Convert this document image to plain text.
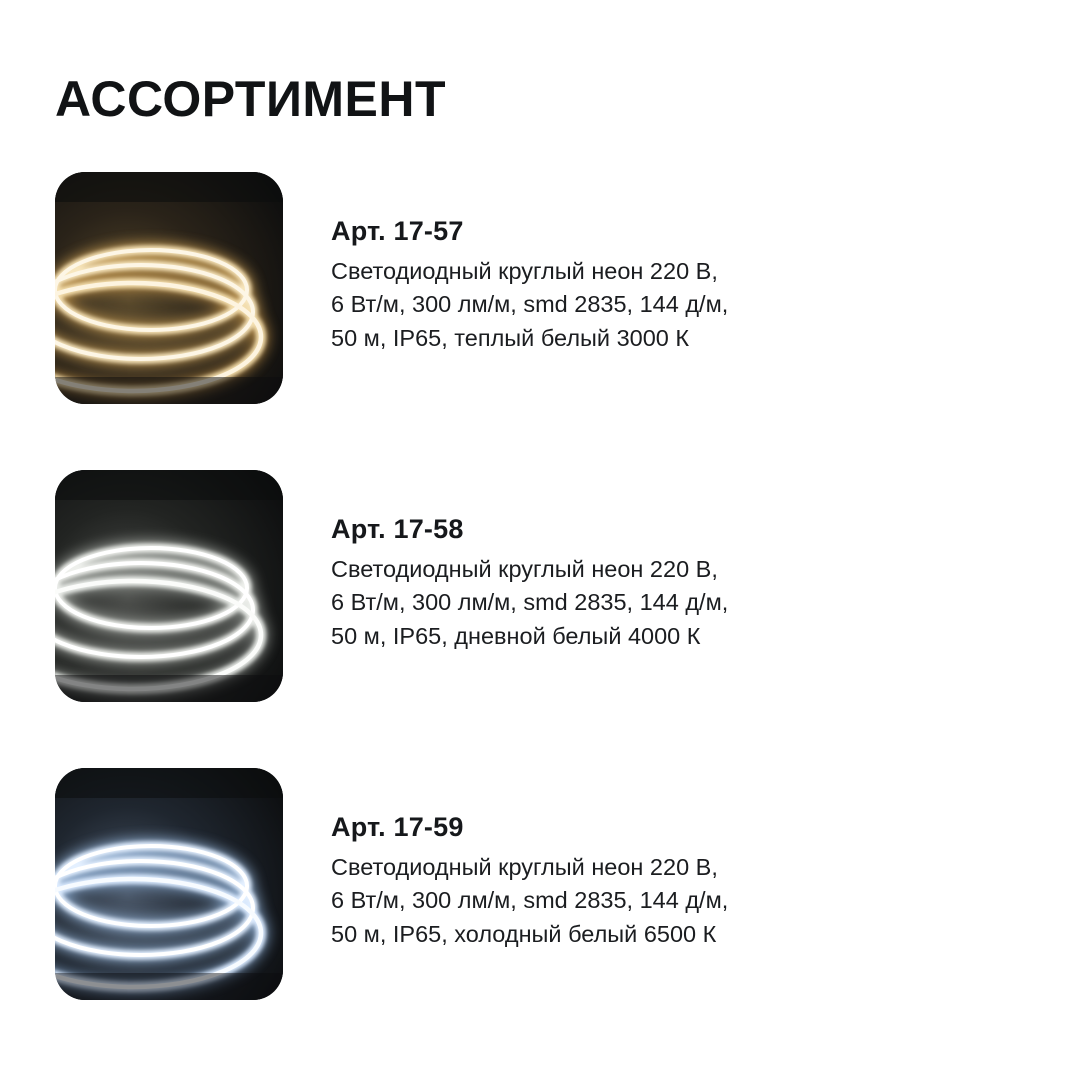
АССОРТИМЕНТ
Арт. 17-57
Светодиодный круглый неон 220 В,
6 Вт/м, 300 лм/м, smd 2835, 144 д/м,
50 м, IP65, теплый белый 3000 К
Арт. 17-58
Светодиодный круглый неон 220 В,
6 Вт/м, 300 лм/м, smd 2835, 144 д/м,
50 м, IP65, дневной белый 4000 К
Арт. 17-59
Светодиодный круглый неон 220 В,
6 Вт/м, 300 лм/м, smd 2835, 144 д/м,
50 м, IP65, холодный белый 6500 К
